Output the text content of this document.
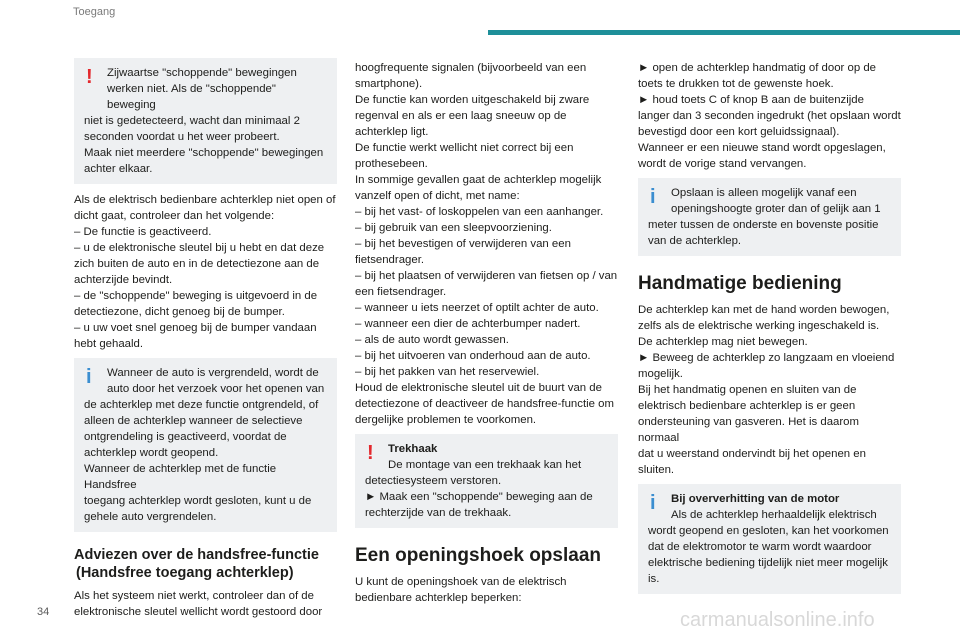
Toegang
!	Zijwaartse "schoppende" bewegingen
werken niet. Als de "schoppende" beweging
niet is gedetecteerd, wacht dan minimaal 2
seconden voordat u het weer probeert.
Maak niet meerdere "schoppende" bewegingen
achter elkaar.
Als de elektrisch bedienbare achterklep niet open of
dicht gaat, controleer dan het volgende:
– De functie is geactiveerd.
– u de elektronische sleutel bij u hebt en dat deze
zich buiten de auto en in de detectiezone aan de
achterzijde bevindt.
– de "schoppende" beweging is uitgevoerd in de
detectiezone, dicht genoeg bij de bumper.
– u uw voet snel genoeg bij de bumper vandaan
hebt gehaald.
i	Wanneer de auto is vergrendeld, wordt de
auto door het verzoek voor het openen van
de achterklep met deze functie ontgrendeld, of
alleen de achterklep wanneer de selectieve
ontgrendeling is geactiveerd, voordat de
achterklep wordt geopend.
Wanneer de achterklep met de functie Handsfree
toegang achterklep wordt gesloten, kunt u de
gehele auto vergrendelen.
Adviezen over de handsfree-functie
(Handsfree toegang achterklep)
Als het systeem niet werkt, controleer dan of de
elektronische sleutel wellicht wordt gestoord door
hoogfrequente signalen (bijvoorbeeld van een
smartphone).
De functie kan worden uitgeschakeld bij zware
regenval en als er een laag sneeuw op de
achterklep ligt.
De functie werkt wellicht niet correct bij een
prothesebeen.
In sommige gevallen gaat de achterklep mogelijk
vanzelf open of dicht, met name:
– bij het vast- of loskoppelen van een aanhanger.
– bij gebruik van een sleepvoorziening.
– bij het bevestigen of verwijderen van een
fietsendrager.
– bij het plaatsen of verwijderen van fietsen op / van
een fietsendrager.
– wanneer u iets neerzet of optilt achter de auto.
– wanneer een dier de achterbumper nadert.
– als de auto wordt gewassen.
– bij het uitvoeren van onderhoud aan de auto.
– bij het pakken van het reservewiel.
Houd de elektronische sleutel uit de buurt van de
detectiezone of deactiveer de handsfree-functie om
dergelijke problemen te voorkomen.
!	Trekhaak
De montage van een trekhaak kan het
detectiesysteem verstoren.
► Maak een "schoppende" beweging aan de
rechterzijde van de trekhaak.
Een openingshoek opslaan
U kunt de openingshoek van de elektrisch
bedienbare achterklep beperken:
► open de achterklep handmatig of door op de
toets te drukken tot de gewenste hoek.
► houd toets C of knop B aan de buitenzijde
langer dan 3 seconden ingedrukt (het opslaan wordt
bevestigd door een kort geluidssignaal).
Wanneer er een nieuwe stand wordt opgeslagen,
wordt de vorige stand vervangen.
i	Opslaan is alleen mogelijk vanaf een
openingshoogte groter dan of gelijk aan 1
meter tussen de onderste en bovenste positie
van de achterklep.
Handmatige bediening
De achterklep kan met de hand worden bewogen,
zelfs als de elektrische werking ingeschakeld is.
De achterklep mag niet bewegen.
► Beweeg de achterklep zo langzaam en vloeiend
mogelijk.
Bij het handmatig openen en sluiten van de
elektrisch bedienbare achterklep is er geen
ondersteuning van gasveren. Het is daarom normaal
dat u weerstand ondervindt bij het openen en
sluiten.
i	Bij oververhitting van de motor
Als de achterklep herhaaldelijk elektrisch
wordt geopend en gesloten, kan het voorkomen
dat de elektromotor te warm wordt waardoor
elektrische bediening tijdelijk niet meer mogelijk
is.
34	carmanualsonline.info
